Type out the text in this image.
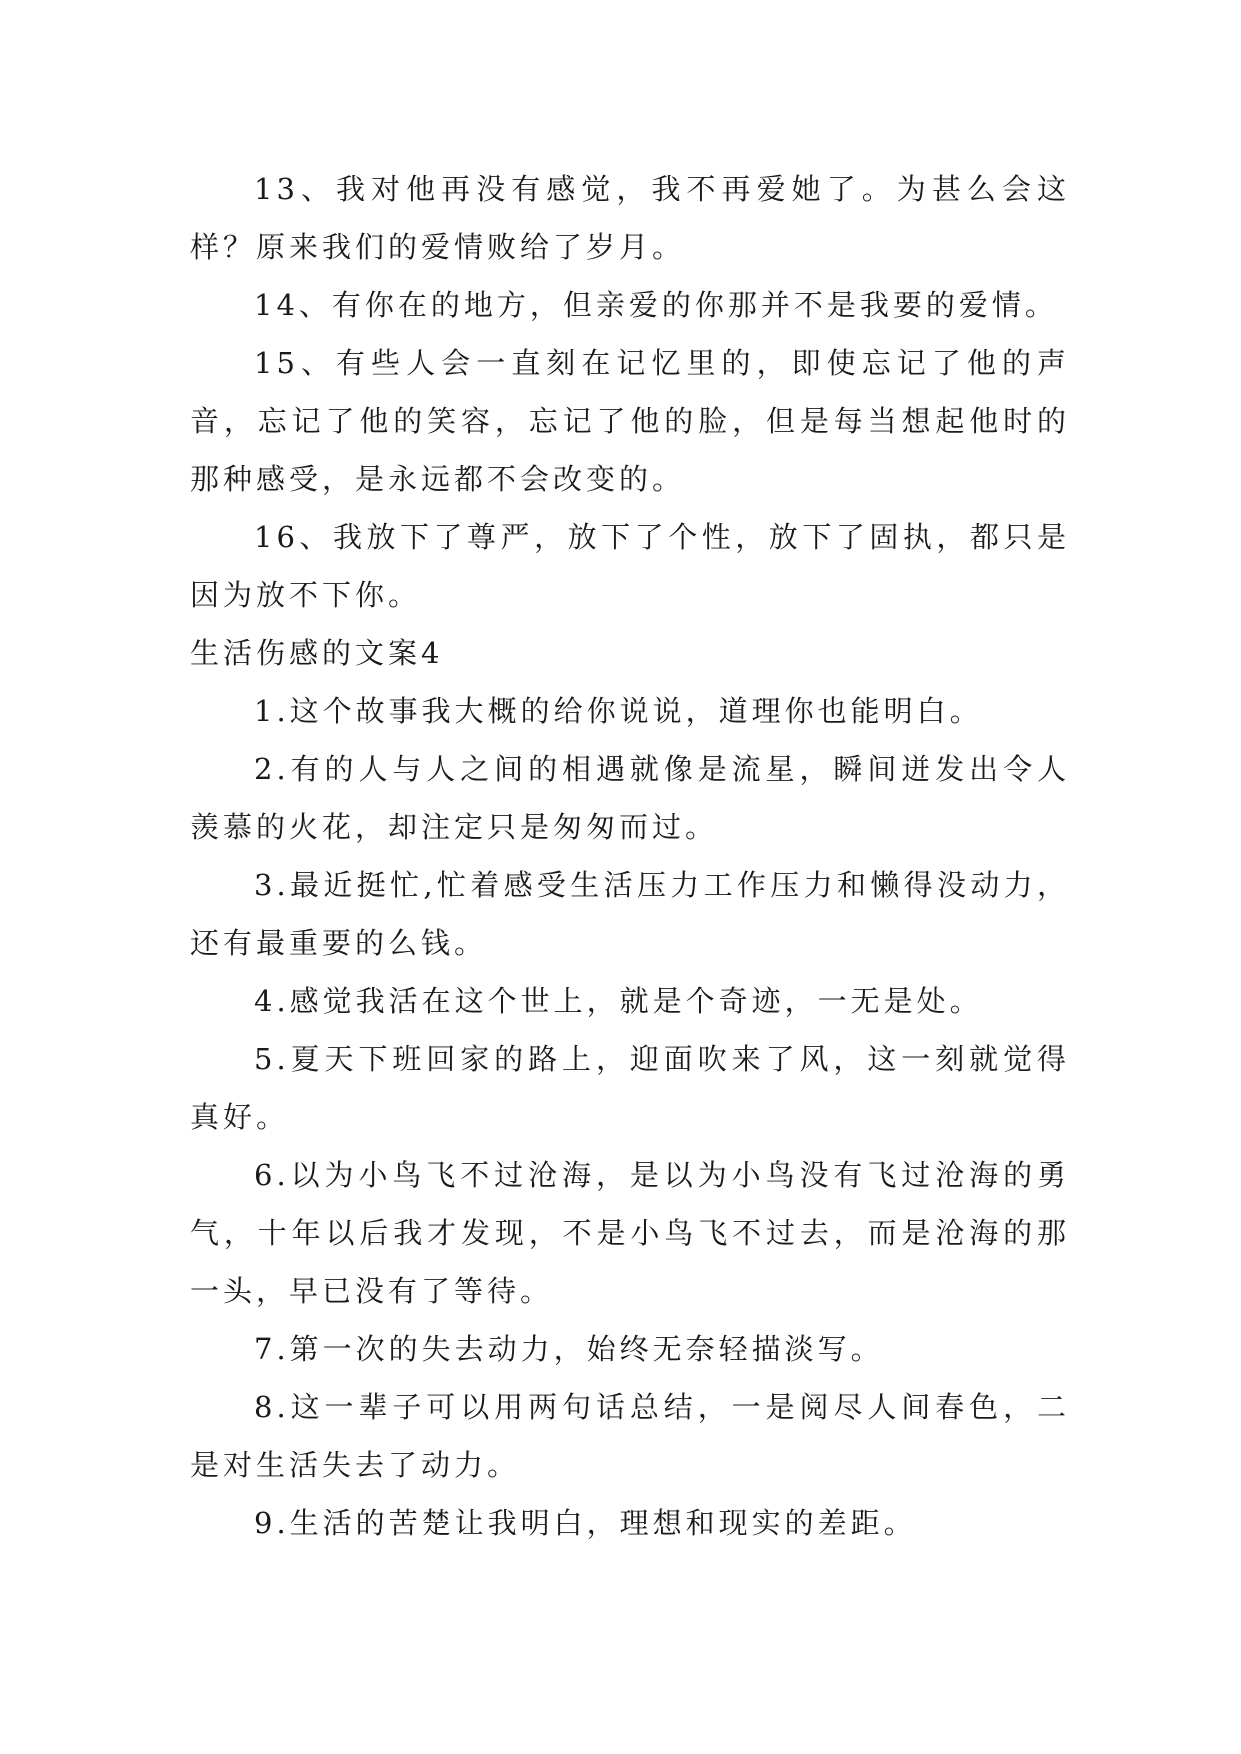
13、我对他再没有感觉，我不再爱她了。为甚么会这样？原来我们的爱情败给了岁月。

14、有你在的地方，但亲爱的你那并不是我要的爱情。

15、有些人会一直刻在记忆里的，即使忘记了他的声音，忘记了他的笑容，忘记了他的脸，但是每当想起他时的那种感受，是永远都不会改变的。

16、我放下了尊严，放下了个性，放下了固执，都只是因为放不下你。

生活伤感的文案4

1.这个故事我大概的给你说说，道理你也能明白。

2.有的人与人之间的相遇就像是流星，瞬间迸发出令人羡慕的火花，却注定只是匆匆而过。

3.最近挺忙,忙着感受生活压力工作压力和懒得没动力，还有最重要的么钱。

4.感觉我活在这个世上，就是个奇迹，一无是处。

5.夏天下班回家的路上，迎面吹来了风，这一刻就觉得真好。

6.以为小鸟飞不过沧海，是以为小鸟没有飞过沧海的勇气，十年以后我才发现，不是小鸟飞不过去，而是沧海的那一头，早已没有了等待。

7.第一次的失去动力，始终无奈轻描淡写。

8.这一辈子可以用两句话总结，一是阅尽人间春色，二是对生活失去了动力。

9.生活的苦楚让我明白，理想和现实的差距。
